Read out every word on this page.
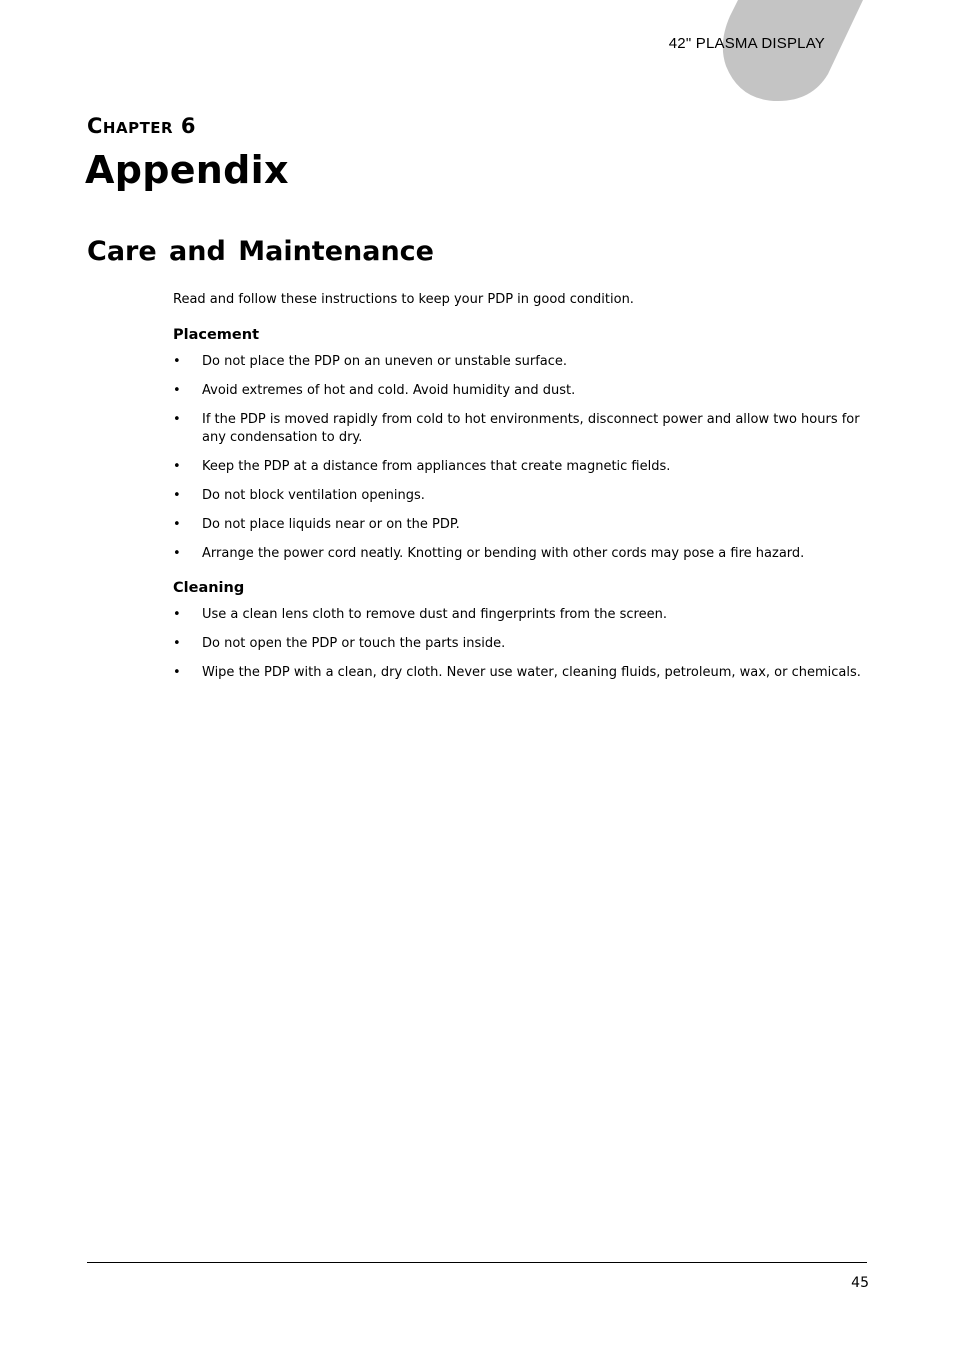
42" PLASMA DISPLAY
Chapter 6
Appendix
Care and Maintenance

Read and follow these instructions to keep your PDP in good condition.

Placement
• Do not place the PDP on an uneven or unstable surface.
• Avoid extremes of hot and cold. Avoid humidity and dust.
• If the PDP is moved rapidly from cold to hot environments, disconnect power and allow two hours for any condensation to dry.
• Keep the PDP at a distance from appliances that create magnetic fields.
• Do not block ventilation openings.
• Do not place liquids near or on the PDP.
• Arrange the power cord neatly. Knotting or bending with other cords may pose a fire hazard.
Cleaning
• Use a clean lens cloth to remove dust and fingerprints from the screen.
• Do not open the PDP or touch the parts inside.
• Wipe the PDP with a clean, dry cloth. Never use water, cleaning fluids, petroleum, wax, or chemicals.
45
